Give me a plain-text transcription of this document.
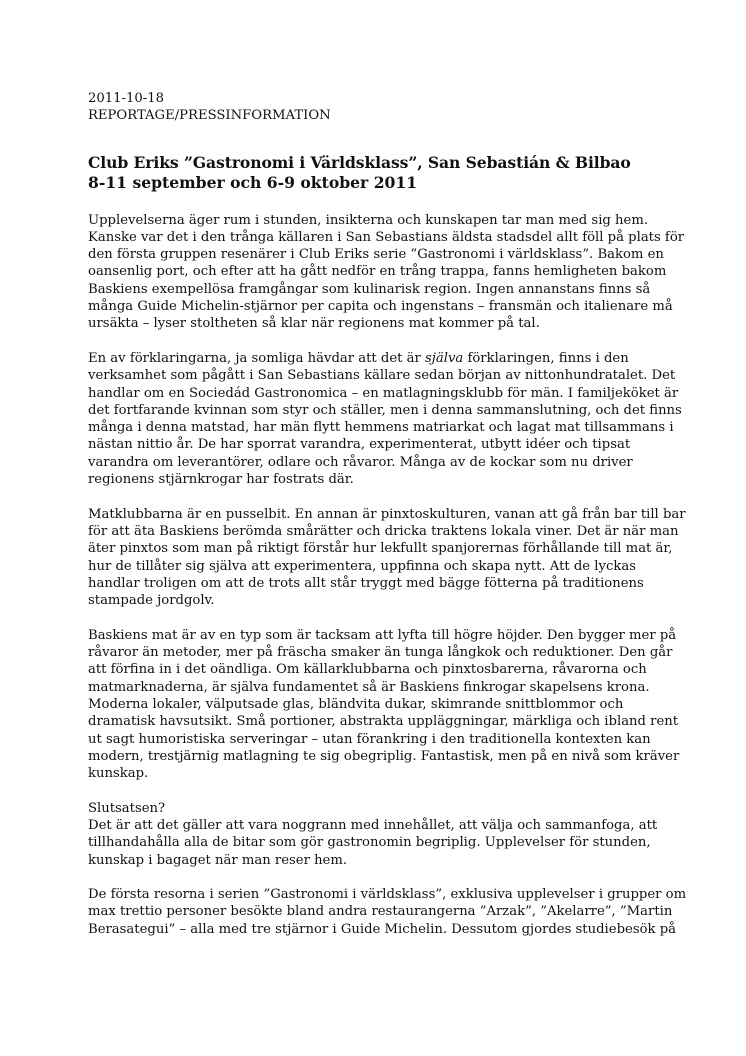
2011-10-18

REPORTAGE/PRESSINFORMATION

Club Eriks ”Gastronomi i Världsklass”, San Sebastián & Bilbao

8-11 september och 6-9 oktober 2011

Upplevelserna äger rum i stunden, insikterna och kunskapen tar man med sig hem.
Kanske var det i den trånga källaren i San Sebastians äldsta stadsdel allt föll på plats för
den första gruppen resenärer i Club Eriks serie ”Gastronomi i världsklass”. Bakom en
oansenlig port, och efter att ha gått nedför en trång trappa, fanns hemligheten bakom
Baskiens exempellösa framgångar som kulinarisk region. Ingen annanstans finns så
många Guide Michelin-stjärnor per capita och ingenstans – fransmän och italienare må
ursäkta – lyser stoltheten så klar när regionens mat kommer på tal.
En av förklaringarna, ja somliga hävdar att det är själva förklaringen, finns i den
verksamhet som pågått i San Sebastians källare sedan början av nittonhundratalet. Det
handlar om en Sociedád Gastronomica – en matlagningsklubb för män. I familjeköket är
det fortfarande kvinnan som styr och ställer, men i denna sammanslutning, och det finns
många i denna matstad, har män flytt hemmens matriarkat och lagat mat tillsammans i
nästan nittio år. De har sporrat varandra, experimenterat, utbytt idéer och tipsat
varandra om leverantörer, odlare och råvaror. Många av de kockar som nu driver
regionens stjärnkrogar har fostrats där.
Matklubbarna är en pusselbit. En annan är pinxtoskulturen, vanan att gå från bar till bar
för att äta Baskiens berömda smårätter och dricka traktens lokala viner. Det är när man
äter pinxtos som man på riktigt förstår hur lekfullt spanjorernas förhållande till mat är,
hur de tillåter sig själva att experimentera, uppfinna och skapa nytt. Att de lyckas
handlar troligen om att de trots allt står tryggt med bägge fötterna på traditionens
stampade jordgolv.
Baskiens mat är av en typ som är tacksam att lyfta till högre höjder. Den bygger mer på
råvaror än metoder, mer på fräscha smaker än tunga långkok och reduktioner. Den går
att förfina in i det oändliga. Om källarklubbarna och pinxtosbarerna, råvarorna och
matmarknaderna, är själva fundamentet så är Baskiens finkrogar skapelsens krona.
Moderna lokaler, välputsade glas, bländvita dukar, skimrande snittblommor och
dramatisk havsutsikt. Små portioner, abstrakta uppläggningar, märkliga och ibland rent
ut sagt humoristiska serveringar – utan förankring i den traditionella kontexten kan
modern, trestjärnig matlagning te sig obegriplig. Fantastisk, men på en nivå som kräver
kunskap.
Slutsatsen?
Det är att det gäller att vara noggrann med innehållet, att välja och sammanfoga, att
tillhandahålla alla de bitar som gör gastronomin begriplig. Upplevelser för stunden,
kunskap i bagaget när man reser hem.
De första resorna i serien ”Gastronomi i världsklass”, exklusiva upplevelser i grupper om
max trettio personer besökte bland andra restaurangerna ”Arzak”, ”Akelarre”, ”Martin
Berasategui” – alla med tre stjärnor i Guide Michelin. Dessutom gjordes studiebesök på
